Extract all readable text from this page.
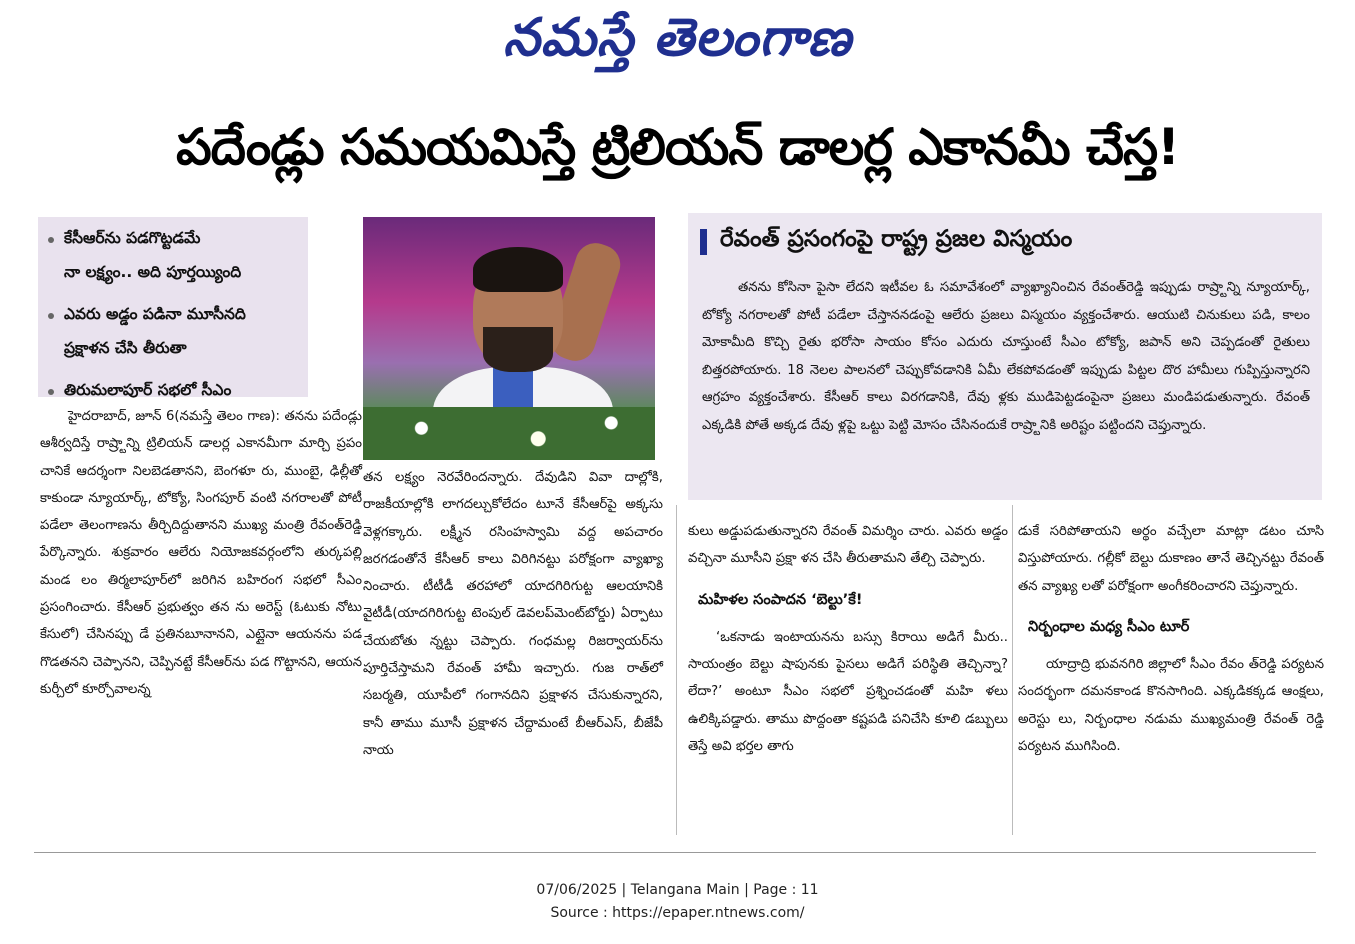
నమస్తే తెలంగాణ
పదేండ్లు సమయమిస్తే ట్రిలియన్ డాలర్ల ఎకానమీ చేస్త!
కేసీఆర్‌ను పడగొట్టడమే
నా లక్ష్యం.. అది పూర్తయ్యింది
ఎవరు అడ్డం పడినా మూసీనది
ప్రక్షాళన చేసి తీరుతా
తిరుమలాపూర్ సభలో సీఎం
రేవంత్ ప్రసంగంపై రాష్ట్ర ప్రజల విస్మయం
తనను కోసినా పైసా లేదని ఇటీవల ఓ సమావేశంలో వ్యాఖ్యానించిన రేవంత్‌రెడ్డి ఇప్పుడు రాష్ర్టాన్ని న్యూయార్క్, టోక్యో నగరాలతో పోటీ పడేలా చేస్తాననడంపై ఆలేరు ప్రజలు విస్మయం వ్యక్తంచేశారు. ఆయుటి చినుకులు పడి, కాలం మోకామీది కొచ్చి రైతు భరోసా సాయం కోసం ఎదురు చూస్తుంటే సీఎం టోక్యో, జపాన్ అని చెప్పడంతో రైతులు బిత్తరపోయారు. 18 నెలల పాలనలో చెప్పుకోవడానికి ఏమీ లేకపోవడంతో ఇప్పుడు పిట్టల దొర హామీలు గుప్పిస్తున్నారని ఆగ్రహం వ్యక్తంచేశారు. కేసీఆర్ కాలు విరగడానికి, దేవు ళ్లకు ముడిపెట్టడంపైనా ప్రజలు మండిపడుతున్నారు. రేవంత్ ఎక్కడికి పోతే అక్కడ దేవు ళ్లపై ఒట్టు పెట్టి మోసం చేసినందుకే రాష్ర్టానికి అరిష్టం పట్టిందని చెప్తున్నారు.
హైదరాబాద్, జూన్ 6(నమస్తే తెలం గాణ): తనను పదేండ్లు ఆశీర్వదిస్తే రాష్ర్టాన్ని ట్రిలియన్ డాలర్ల ఎకానమీగా మార్చి ప్రపం చానికే ఆదర్శంగా నిలబెడతానని, బెంగళూ రు, ముంబై, ఢిల్లీతో కాకుండా న్యూయార్క్, టోక్యో, సింగపూర్ వంటి నగరాలతో పోటీ పడేలా తెలంగాణను తీర్చిదిద్దుతానని ముఖ్య మంత్రి రేవంత్‌రెడ్డి పేర్కొన్నారు. శుక్రవారం ఆలేరు నియోజకవర్గంలోని తుర్కపల్లి మండ లం తిర్మలాపూర్‌లో జరిగిన బహిరంగ సభలో సీఎం ప్రసంగించారు. కేసీఆర్ ప్రభుత్వం తన ను అరెస్ట్ (ఓటుకు నోటు కేసులో) చేసినప్పు డే ప్రతినబూనానని, ఎట్లైనా ఆయనను పడ గొడతనని చెప్పానని, చెప్పినట్టే కేసీఆర్‌ను పడ గొట్టానని, ఆయన కుర్చీలో కూర్చోవాలన్న
తన లక్ష్యం నెరవేరిందన్నారు. దేవుడిని వివా దాల్లోకి, రాజకీయాల్లోకి లాగదల్చుకోలేదం టూనే కేసీఆర్‌పై అక్కసు వెళ్లగక్కారు. లక్ష్మీన రసింహస్వామి వద్ద అపచారం జరగడంతోనే కేసీఆర్ కాలు విరిగినట్టు పరోక్షంగా వ్యాఖ్యా నించారు. టీటీడీ తరహాలో యాదగిరిగుట్ట ఆలయానికి వైటీడీ(యాదగిరిగుట్ట టెంపుల్ డెవలప్‌మెంట్‌బోర్డు) ఏర్పాటు చేయబోతు న్నట్టు చెప్పారు. గంధమల్ల రిజర్వాయర్‌ను పూర్తిచేస్తామని రేవంత్ హామీ ఇచ్చారు. గుజ రాత్‌లో సబర్మతి, యూపీలో గంగానదిని ప్రక్షాళన చేసుకున్నారని, కానీ తాము మూసీ ప్రక్షాళన చేద్దామంటే బీఆర్ఎస్, బీజేపీ నాయ
కులు అడ్డుపడుతున్నారని రేవంత్ విమర్శిం చారు. ఎవరు అడ్డం వచ్చినా మూసీని ప్రక్షా ళన చేసి తీరుతామని తేల్చి చెప్పారు.
మహిళల సంపాదన ‘బెల్టు’కే!
‘ఒకనాడు ఇంటాయనను బస్సు కిరాయి అడిగే మీరు.. సాయంత్రం బెల్టు షాపునకు పైసలు అడిగే పరిస్థితి తెచ్చిన్నా? లేదా?’ అంటూ సీఎం సభలో ప్రశ్నించడంతో మహి ళలు ఉలిక్కిపడ్డారు. తాము పొద్దంతా కష్టపడి పనిచేసి కూలి డబ్బులు తెస్తే అవి భర్తల తాగు
డుకే సరిపోతాయని అర్థం వచ్చేలా మాట్లా డటం చూసి విస్తుపోయారు. గల్లీకో బెల్టు దుకాణం తానే తెచ్చినట్టు రేవంత్ తన వ్యాఖ్య లతో పరోక్షంగా అంగీకరించారని చెప్తున్నారు.
నిర్బంధాల మధ్య సీఎం టూర్
యాద్రాద్రి భువనగిరి జిల్లాలో సీఎం రేవం త్‌రెడ్డి పర్యటన సందర్భంగా దమనకాండ కొనసాగింది. ఎక్కడికక్కడ ఆంక్షలు, అరెస్టు లు, నిర్బంధాల నడుమ ముఖ్యమంత్రి రేవంత్ రెడ్డి పర్యటన ముగిసింది.
07/06/2025 | Telangana Main | Page : 11
Source : https://epaper.ntnews.com/
